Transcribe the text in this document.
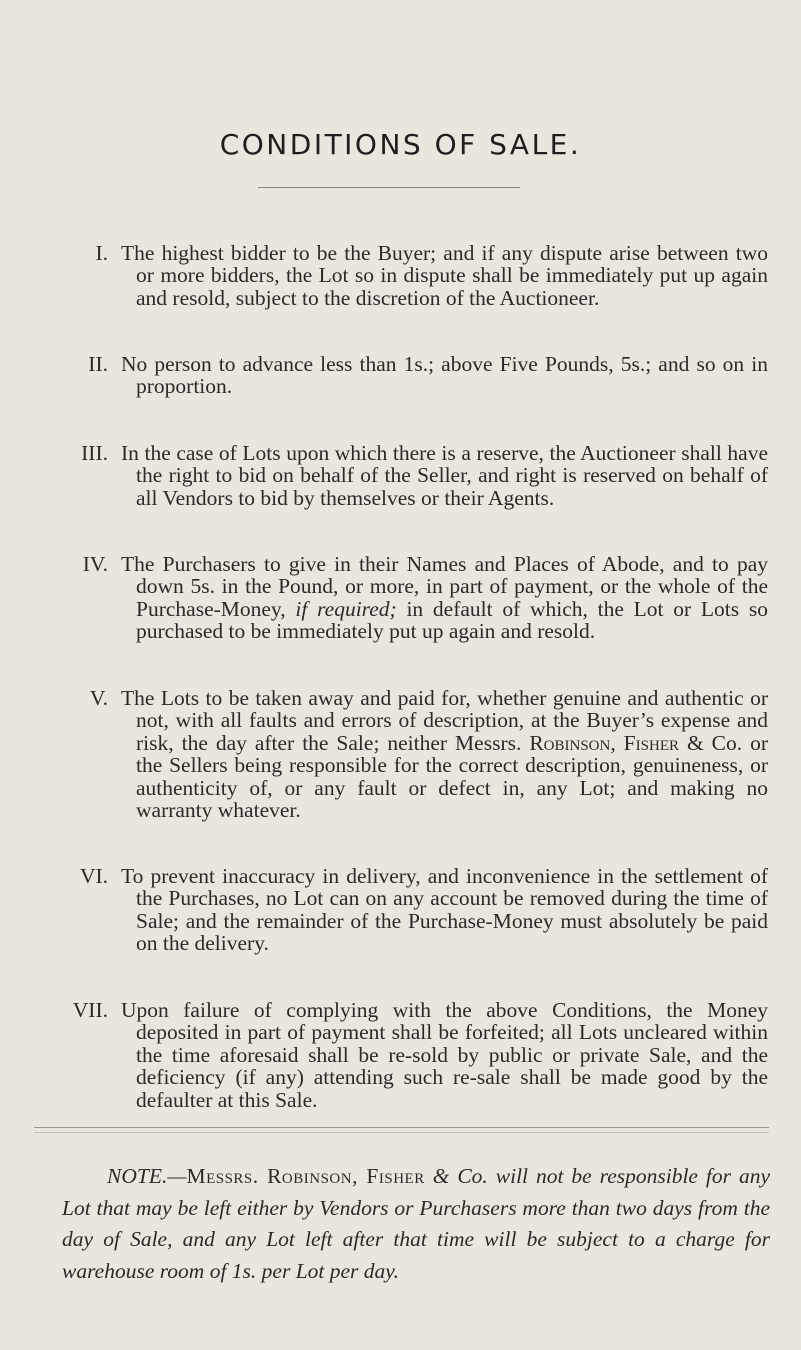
CONDITIONS OF SALE.
I. The highest bidder to be the Buyer; and if any dispute arise between two or more bidders, the Lot so in dispute shall be immediately put up again and resold, subject to the discretion of the Auctioneer.
II. No person to advance less than 1s.; above Five Pounds, 5s.; and so on in proportion.
III. In the case of Lots upon which there is a reserve, the Auctioneer shall have the right to bid on behalf of the Seller, and right is reserved on behalf of all Vendors to bid by themselves or their Agents.
IV. The Purchasers to give in their Names and Places of Abode, and to pay down 5s. in the Pound, or more, in part of payment, or the whole of the Purchase-Money, if required; in default of which, the Lot or Lots so purchased to be immediately put up again and resold.
V. The Lots to be taken away and paid for, whether genuine and authentic or not, with all faults and errors of description, at the Buyer’s expense and risk, the day after the Sale; neither Messrs. Robinson, Fisher & Co. or the Sellers being responsible for the correct description, genuineness, or authenticity of, or any fault or defect in, any Lot; and making no warranty whatever.
VI. To prevent inaccuracy in delivery, and inconvenience in the settlement of the Purchases, no Lot can on any account be removed during the time of Sale; and the remainder of the Purchase-Money must absolutely be paid on the delivery.
VII. Upon failure of complying with the above Conditions, the Money deposited in part of payment shall be forfeited; all Lots uncleared within the time aforesaid shall be re-sold by public or private Sale, and the deficiency (if any) attending such re-sale shall be made good by the defaulter at this Sale.
NOTE.—Messrs. Robinson, Fisher & Co. will not be responsible for any Lot that may be left either by Vendors or Purchasers more than two days from the day of Sale, and any Lot left after that time will be subject to a charge for warehouse room of 1s. per Lot per day.
